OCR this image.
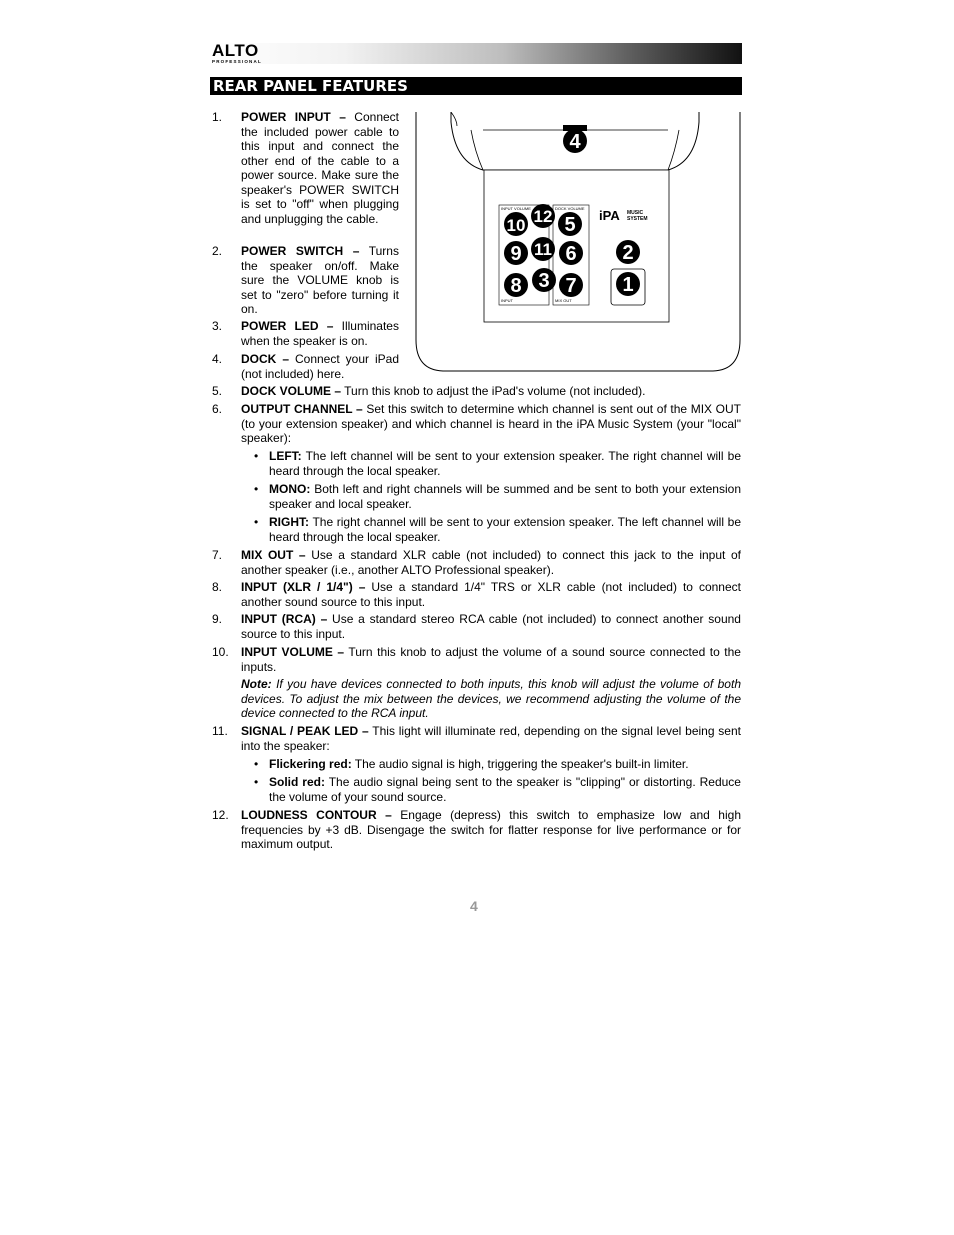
ALTO
PROFESSIONAL
REAR PANEL FEATURES
INPUT VOLUME	DOCK VOLUME
INPUT	MIX OUT
iPA MUSIC
SYSTEM
4
10 12 5
9 11 6 2
8 3 7 1
1.	POWER INPUT – Connect the included power cable to this input and connect the other end of the cable to a power source. Make sure the speaker's POWER SWITCH is set to "off" when plugging and unplugging the cable.
2.	POWER SWITCH – Turns the speaker on/off. Make sure the VOLUME knob is set to "zero" before turning it on.
3.	POWER LED – Illuminates when the speaker is on.
4.	DOCK – Connect your iPad (not included) here.
5.	DOCK VOLUME – Turn this knob to adjust the iPad's volume (not included).
6.	OUTPUT CHANNEL – Set this switch to determine which channel is sent out of the MIX OUT (to your extension speaker) and which channel is heard in the iPA Music System (your "local" speaker):
• LEFT: The left channel will be sent to your extension speaker. The right channel will be heard through the local speaker.
• MONO: Both left and right channels will be summed and be sent to both your extension speaker and local speaker.
• RIGHT: The right channel will be sent to your extension speaker. The left channel will be heard through the local speaker.
7.	MIX OUT – Use a standard XLR cable (not included) to connect this jack to the input of another speaker (i.e., another ALTO Professional speaker).
8.	INPUT (XLR / 1/4") – Use a standard 1/4" TRS or XLR cable (not included) to connect another sound source to this input.
9.	INPUT (RCA) – Use a standard stereo RCA cable (not included) to connect another sound source to this input.
10.	INPUT VOLUME – Turn this knob to adjust the volume of a sound source connected to the inputs.
Note: If you have devices connected to both inputs, this knob will adjust the volume of both devices. To adjust the mix between the devices, we recommend adjusting the volume of the device connected to the RCA input.
11.	SIGNAL / PEAK LED – This light will illuminate red, depending on the signal level being sent into the speaker:
• Flickering red: The audio signal is high, triggering the speaker's built-in limiter.
• Solid red: The audio signal being sent to the speaker is "clipping" or distorting. Reduce the volume of your sound source.
12.	LOUDNESS CONTOUR – Engage (depress) this switch to emphasize low and high frequencies by +3 dB. Disengage the switch for flatter response for live performance or for maximum output.
4
